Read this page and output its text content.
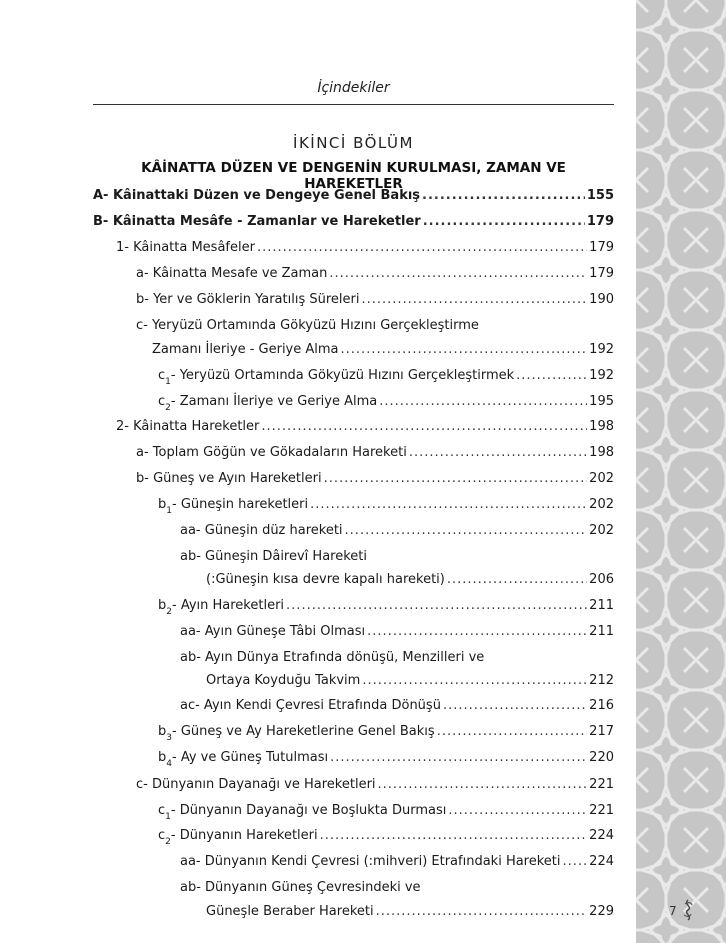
İçindekiler
İKİNCİ BÖLÜM
KÂİNATTA DÜZEN VE DENGENİN KURULMASI, ZAMAN VE HAREKETLER
A- Kâinattaki Düzen ve Dengeye Genel Bakış .....	155
B- Kâinatta Mesâfe - Zamanlar ve Hareketler .....	179
1- Kâinatta Mesâfeler .....	179
a- Kâinatta Mesafe ve Zaman .....	179
b- Yer ve Göklerin Yaratılış Süreleri .....	190
c- Yeryüzü Ortamında Gökyüzü Hızını Gerçekleştirme
Zamanı İleriye - Geriye Alma .....	192
$c_1-$ Yeryüzü Ortamında Gökyüzü Hızını Gerçekleştirmek .....	192
$c_2-$ Zamanı İleriye ve Geriye Alma .....	195
2- Kâinatta Hareketler .....	198
a- Toplam Göğün ve Gökadaların Hareketi .....	198
b- Güneş ve Ayın Hareketleri .....	202
$b_1-$ Güneşin hareketleri .....	202
aa- Güneşin düz hareketi .....	202
ab- Güneşin Dâirevî Hareketi
(:Güneşin kısa devre kapalı hareketi) .....	206
$b_2-$ Ayın Hareketleri .....	211
aa- Ayın Güneşe Tâbi Olması .....	211
ab- Ayın Dünya Etrafında dönüşü, Menzilleri ve
Ortaya Koyduğu Takvim .....	212
ac- Ayın Kendi Çevresi Etrafında Dönüşü .....	216
$b_3-$ Güneş ve Ay Hareketlerine Genel Bakış .....	217
$b_4-$ Ay ve Güneş Tutulması .....	220
c- Dünyanın Dayanağı ve Hareketleri .....	221
$c_1-$ Dünyanın Dayanağı ve Boşlukta Durması .....	221
$c_2-$ Dünyanın Hareketleri .....	224
aa- Dünyanın Kendi Çevresi (:mihveri) Etrafındaki Hareketi ..... 224
ab- Dünyanın Güneş Çevresindeki ve
Güneşle Beraber Hareketi .....	229	7
